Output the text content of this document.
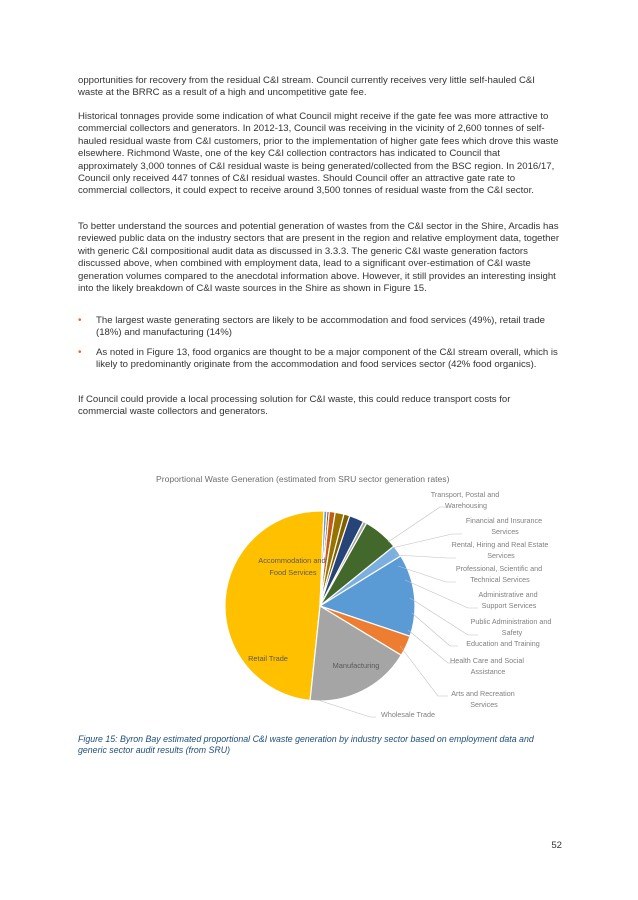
opportunities for recovery from the residual C&I stream. Council currently receives very little self-hauled C&I waste at the BRRC as a result of a high and uncompetitive gate fee.

Historical tonnages provide some indication of what Council might receive if the gate fee was more attractive to commercial collectors and generators. In 2012-13, Council was receiving in the vicinity of 2,600 tonnes of self-hauled residual waste from C&I customers, prior to the implementation of higher gate fees which drove this waste elsewhere. Richmond Waste, one of the key C&I collection contractors has indicated to Council that approximately 3,000 tonnes of C&I residual waste is being generated/collected from the BSC region. In 2016/17, Council only received 447 tonnes of C&I residual wastes. Should Council offer an attractive gate rate to commercial collectors, it could expect to receive around 3,500 tonnes of residual waste from the C&I sector.

To better understand the sources and potential generation of wastes from the C&I sector in the Shire, Arcadis has reviewed public data on the industry sectors that are present in the region and relative employment data, together with generic C&I compositional audit data as discussed in 3.3.3. The generic C&I waste generation factors discussed above, when combined with employment data, lead to a significant over-estimation of C&I waste generation volumes compared to the anecdotal information above. However, it still provides an interesting insight into the likely breakdown of C&I waste sources in the Shire as shown in Figure 15.

• The largest waste generating sectors are likely to be accommodation and food services (49%), retail trade (18%) and manufacturing (14%)
• As noted in Figure 13, food organics are thought to be a major component of the C&I stream overall, which is likely to predominantly originate from the accommodation and food services sector (42% food organics).

If Council could provide a local processing solution for C&I waste, this could reduce transport costs for commercial waste collectors and generators.

Proportional Waste Generation (estimated from SRU sector generation rates)
Accommodation and Food Services
Retail Trade
Manufacturing
Transport, Postal and Warehousing
Financial and Insurance Services
Rental, Hiring and Real Estate Services
Professional, Scientific and Technical Services
Administrative and Support Services
Public Administration and Safety
Education and Training
Health Care and Social Assistance
Arts and Recreation Services
Wholesale Trade
Figure 15: Byron Bay estimated proportional C&I waste generation by industry sector based on employment data and generic sector audit results (from SRU)
52
